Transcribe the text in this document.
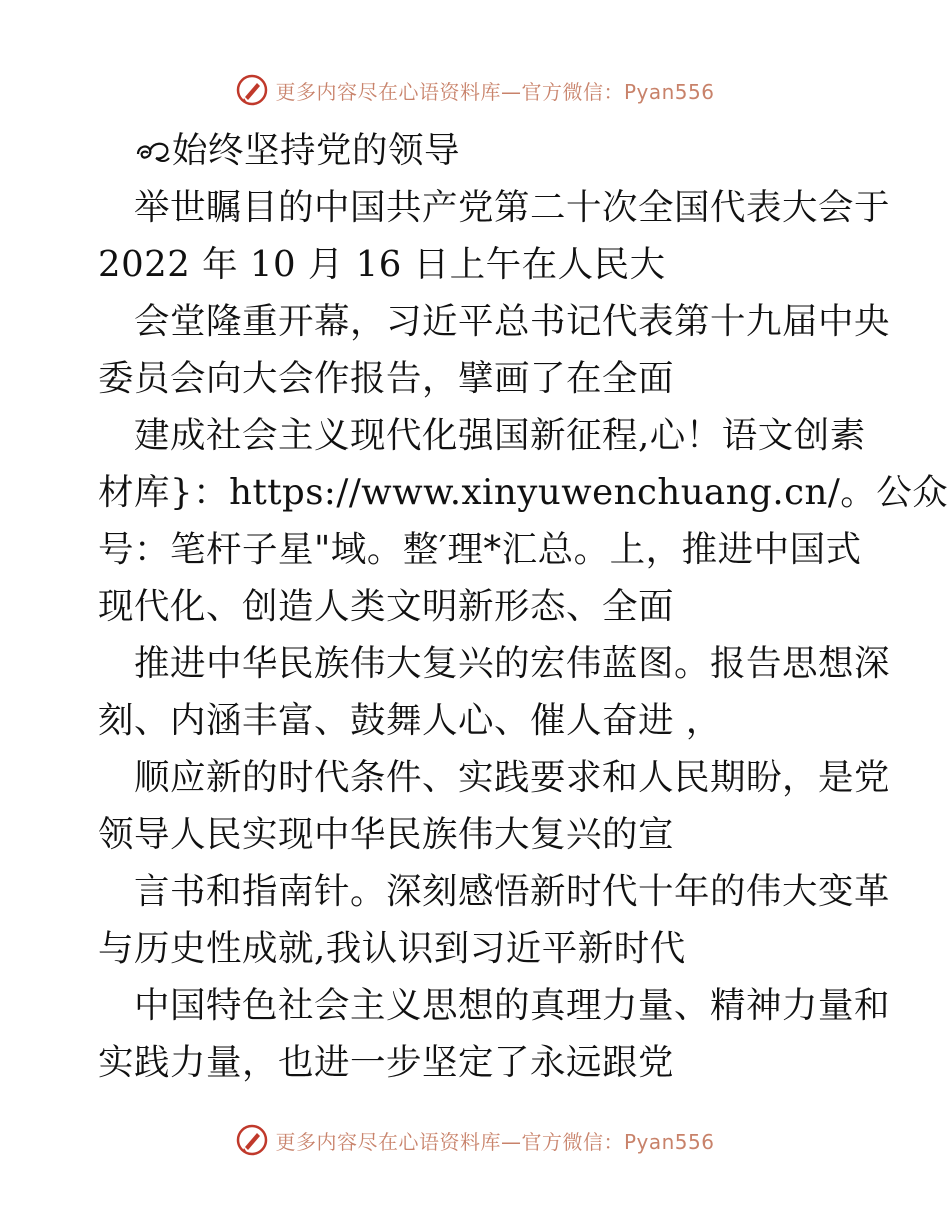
更多内容尽在心语资料库—官方微信：Pyan556
始终坚持党的领导
举世瞩目的中国共产党第二十次全国代表大会于
2022 年 10 月 16 日上午在人民大
会堂隆重开幕，习近平总书记代表第十九届中央
委员会向大会作报告，擘画了在全面
建成社会主义现代化强国新征程,心！语文创素
材库}：https://www.xinyuwenchuang.cn/。公众
号：笔杆子星"域。整′理*汇总。上，推进中国式
现代化、创造人类文明新形态、全面
推进中华民族伟大复兴的宏伟蓝图。报告思想深
刻、内涵丰富、鼓舞人心、催人奋进 ，
顺应新的时代条件、实践要求和人民期盼，是党
领导人民实现中华民族伟大复兴的宣
言书和指南针。深刻感悟新时代十年的伟大变革
与历史性成就,我认识到习近平新时代
中国特色社会主义思想的真理力量、精神力量和
实践力量，也进一步坚定了永远跟党
更多内容尽在心语资料库—官方微信：Pyan556
